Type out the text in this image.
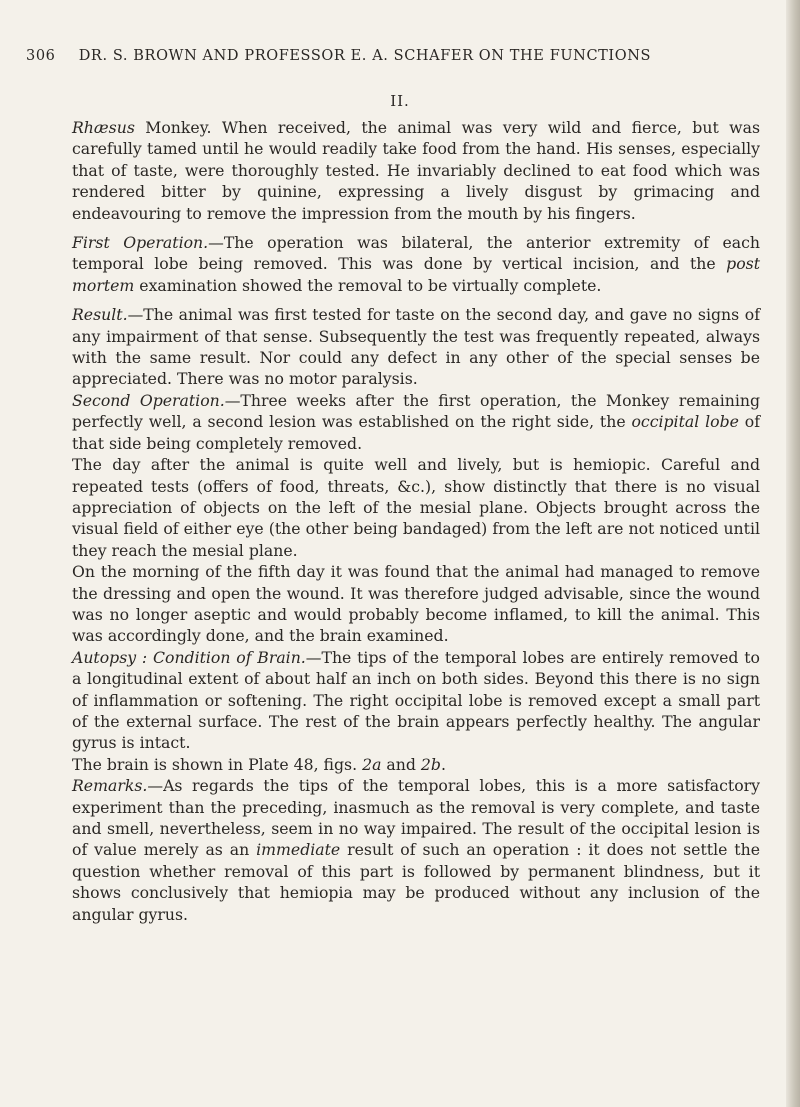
306 DR. S. BROWN AND PROFESSOR E. A. SCHAFER ON THE FUNCTIONS
II.

Rhæsus Monkey. When received, the animal was very wild and fierce, but was carefully tamed until he would readily take food from the hand. His senses, especially that of taste, were thoroughly tested. He invariably declined to eat food which was rendered bitter by quinine, expressing a lively disgust by grimacing and endeavouring to remove the impression from the mouth by his fingers.

First Operation.—The operation was bilateral, the anterior extremity of each temporal lobe being removed. This was done by vertical incision, and the post mortem examination showed the removal to be virtually complete.

Result.—The animal was first tested for taste on the second day, and gave no signs of any impairment of that sense. Subsequently the test was frequently repeated, always with the same result. Nor could any defect in any other of the special senses be appreciated. There was no motor paralysis.

Second Operation.—Three weeks after the first operation, the Monkey remaining perfectly well, a second lesion was established on the right side, the occipital lobe of that side being completely removed.

The day after the animal is quite well and lively, but is hemiopic. Careful and repeated tests (offers of food, threats, &c.), show distinctly that there is no visual appreciation of objects on the left of the mesial plane. Objects brought across the visual field of either eye (the other being bandaged) from the left are not noticed until they reach the mesial plane.

On the morning of the fifth day it was found that the animal had managed to remove the dressing and open the wound. It was therefore judged advisable, since the wound was no longer aseptic and would probably become inflamed, to kill the animal. This was accordingly done, and the brain examined.

Autopsy : Condition of Brain.—The tips of the temporal lobes are entirely removed to a longitudinal extent of about half an inch on both sides. Beyond this there is no sign of inflammation or softening. The right occipital lobe is removed except a small part of the external surface. The rest of the brain appears perfectly healthy. The angular gyrus is intact.

The brain is shown in Plate 48, figs. 2a and 2b.

Remarks.—As regards the tips of the temporal lobes, this is a more satisfactory experiment than the preceding, inasmuch as the removal is very complete, and taste and smell, nevertheless, seem in no way impaired. The result of the occipital lesion is of value merely as an immediate result of such an operation : it does not settle the question whether removal of this part is followed by permanent blindness, but it shows conclusively that hemiopia may be produced without any inclusion of the angular gyrus.
